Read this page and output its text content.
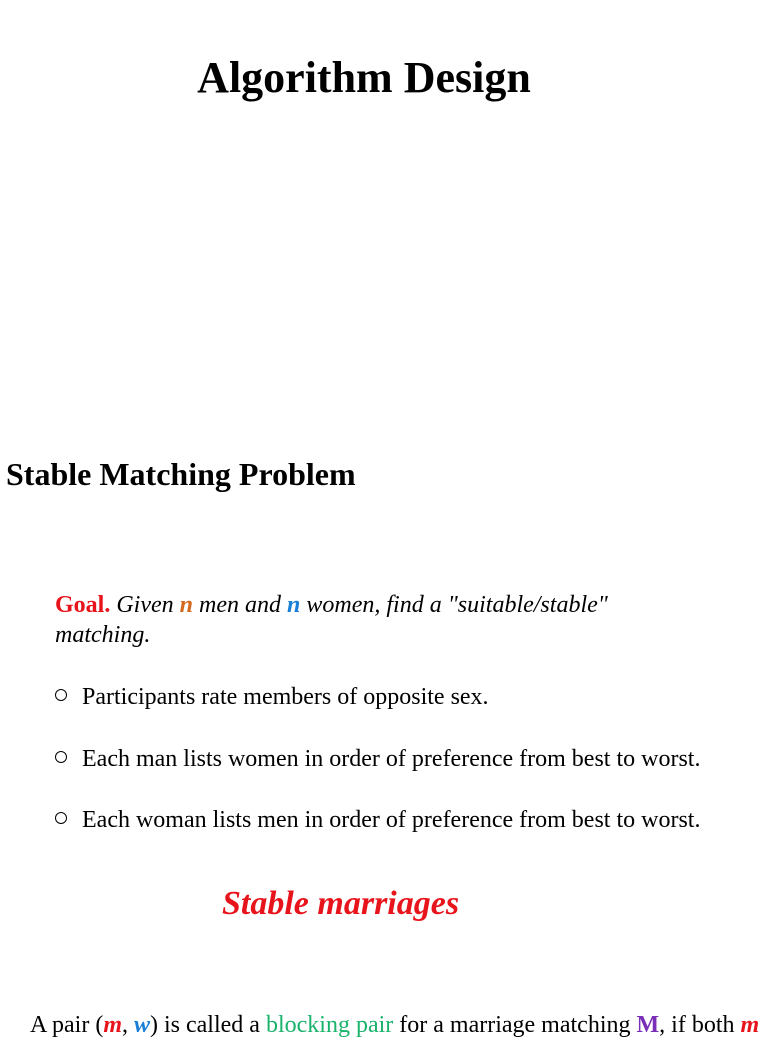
Algorithm Design
Stable Matching Problem

Goal. Given n men and n women, find a "suitable/stable" matching.

Participants rate members of opposite sex.
Each man lists women in order of preference from best to worst.
Each woman lists men in order of preference from best to worst.
Stable marriages
A pair (m, w) is called a blocking pair for a marriage matching M, if both m
